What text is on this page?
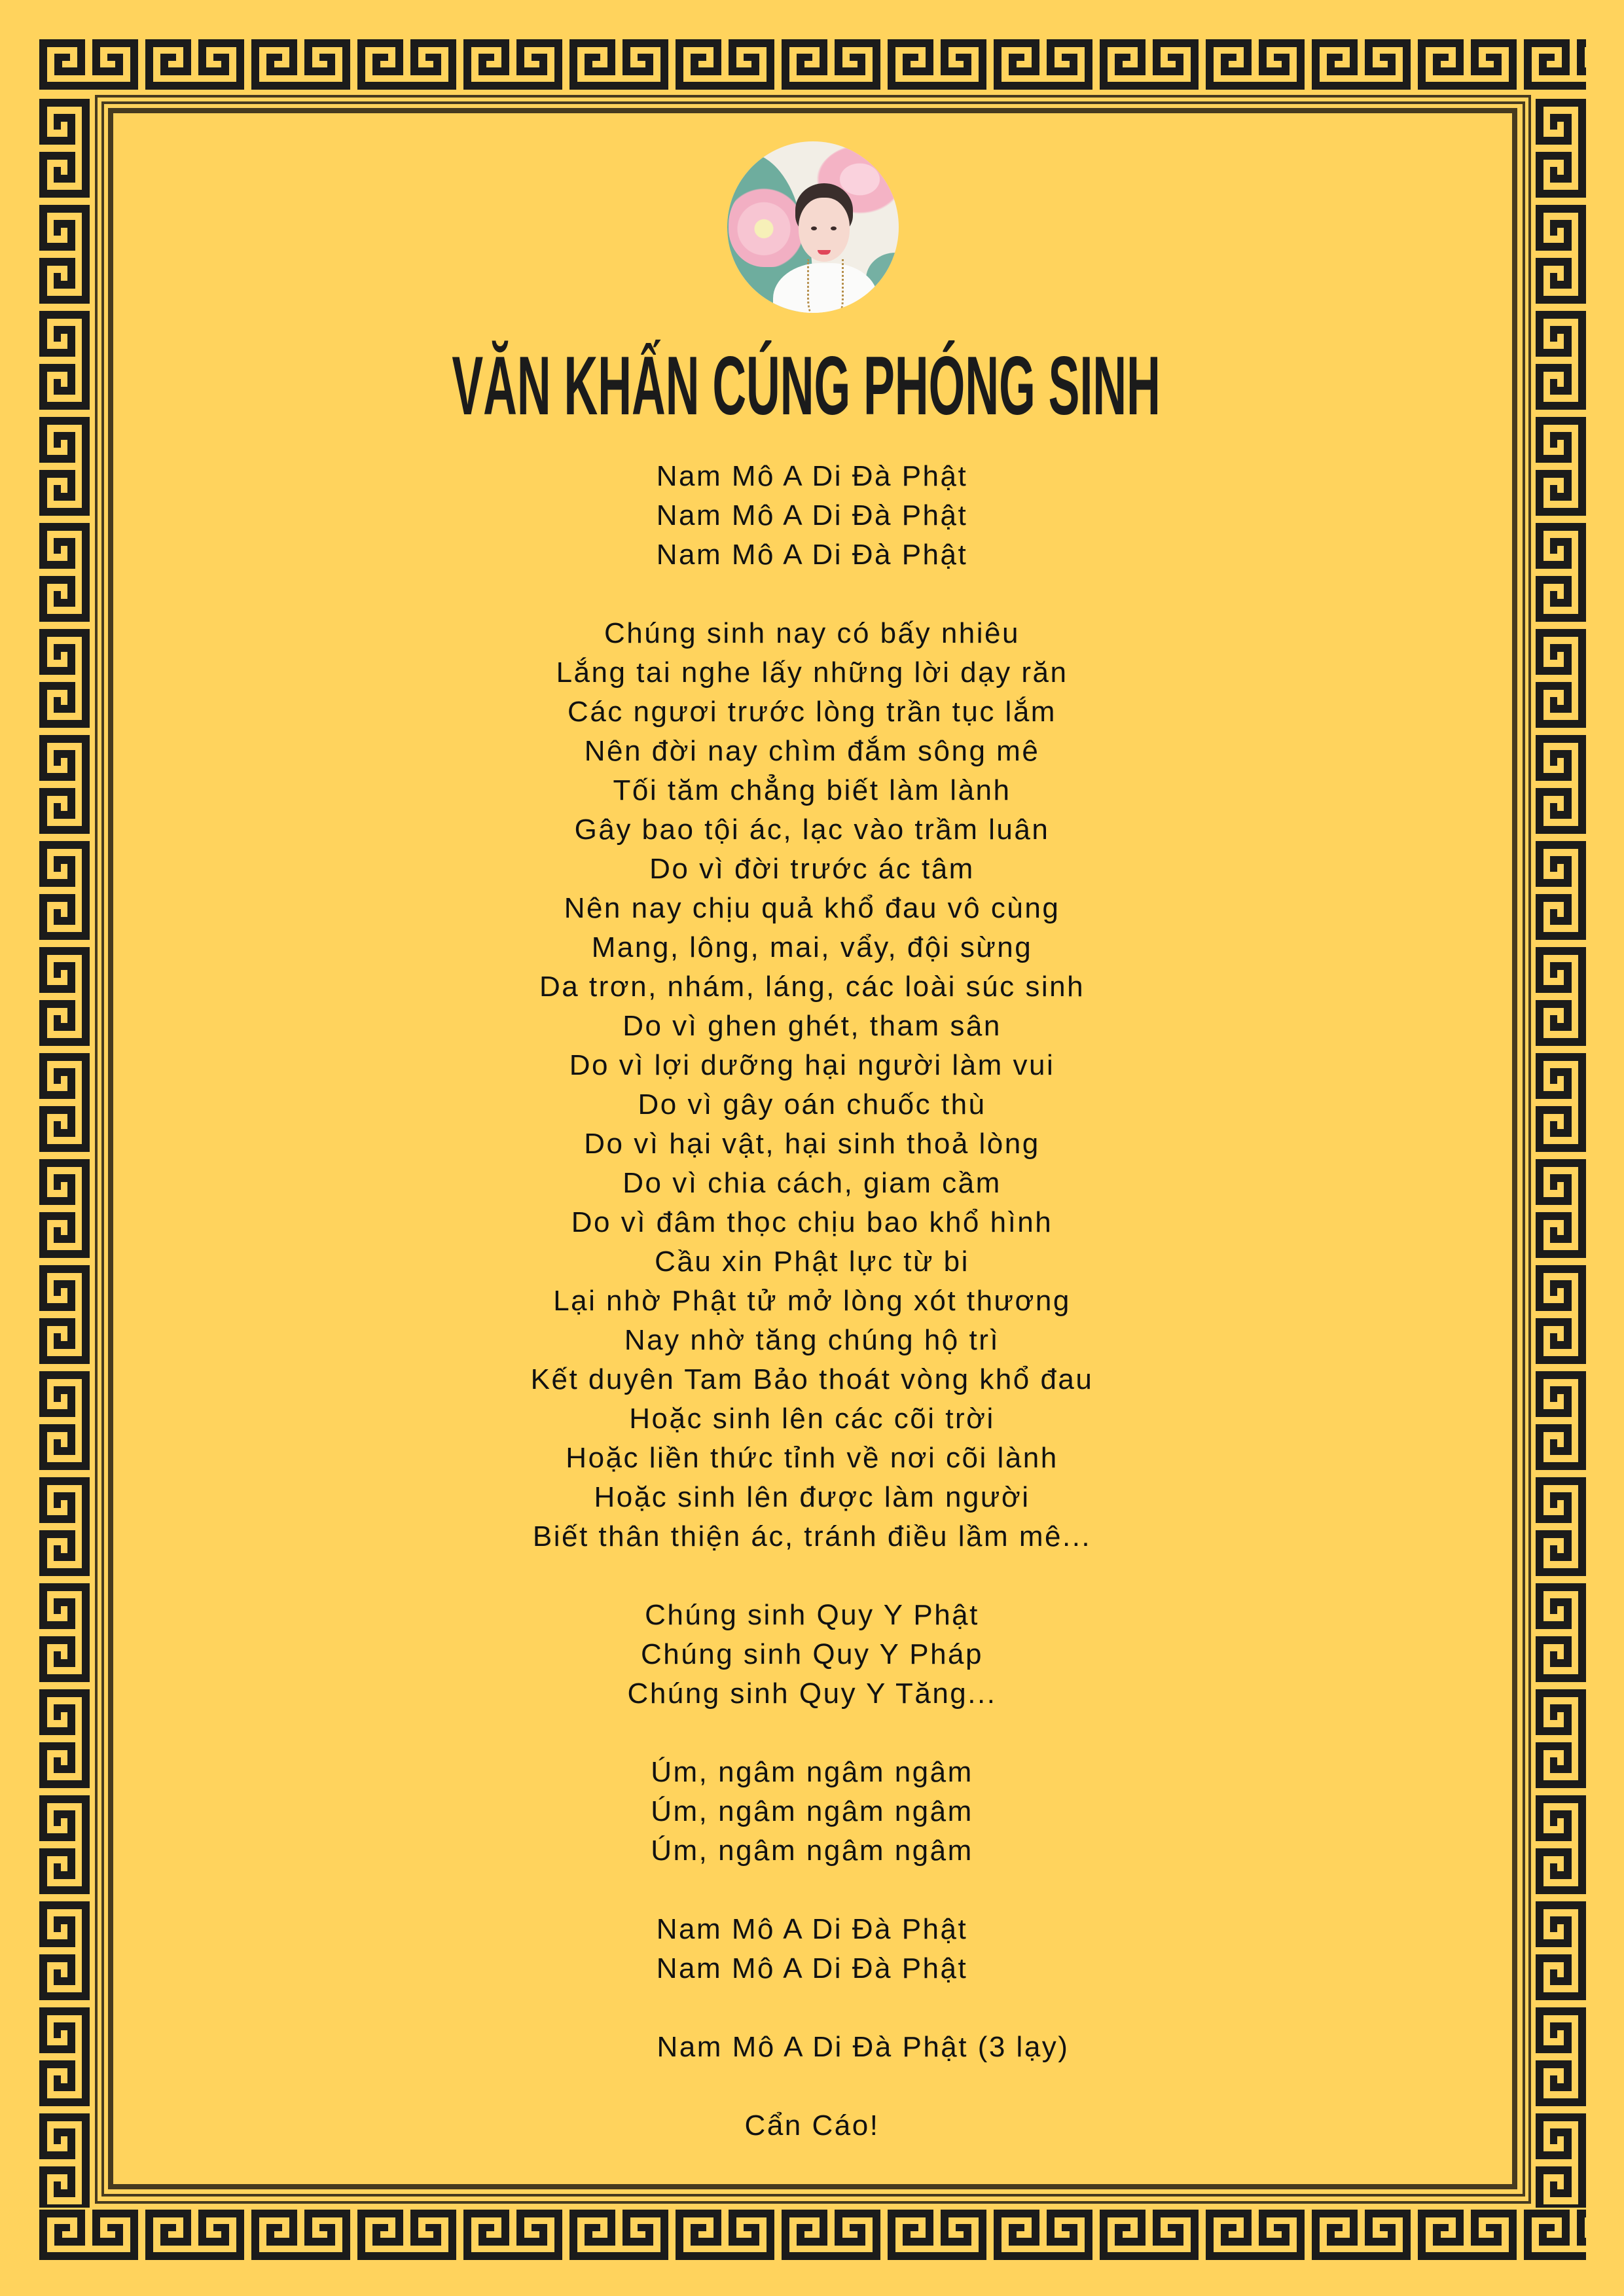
VĂN KHẤN CÚNG PHÓNG SINH
Nam Mô A Di Đà Phật
Nam Mô A Di Đà Phật
Nam Mô A Di Đà Phật
Chúng sinh nay có bấy nhiêu
Lắng tai nghe lấy những lời dạy răn
Các ngươi trước lòng trần tục lắm
Nên đời nay chìm đắm sông mê
Tối tăm chẳng biết làm lành
Gây bao tội ác, lạc vào trầm luân
Do vì đời trước ác tâm
Nên nay chịu quả khổ đau vô cùng
Mang, lông, mai, vẩy, đội sừng
Da trơn, nhám, láng, các loài súc sinh
Do vì ghen ghét, tham sân
Do vì lợi dưỡng hại người làm vui
Do vì gây oán chuốc thù
Do vì hại vật, hại sinh thoả lòng
Do vì chia cách, giam cầm
Do vì đâm thọc chịu bao khổ hình
Cầu xin Phật lực từ bi
Lại nhờ Phật tử mở lòng xót thương
Nay nhờ tăng chúng hộ trì
Kết duyên Tam Bảo thoát vòng khổ đau
Hoặc sinh lên các cõi trời
Hoặc liền thức tỉnh về nơi cõi lành
Hoặc sinh lên được làm người
Biết thân thiện ác, tránh điều lầm mê...
Chúng sinh Quy Y Phật
Chúng sinh Quy Y Pháp
Chúng sinh Quy Y Tăng...
Úm, ngâm ngâm ngâm
Úm, ngâm ngâm ngâm
Úm, ngâm ngâm ngâm
Nam Mô A Di Đà Phật
Nam Mô A Di Đà Phật
Nam Mô A Di Đà Phật (3 lạy)
Cẩn Cáo!
